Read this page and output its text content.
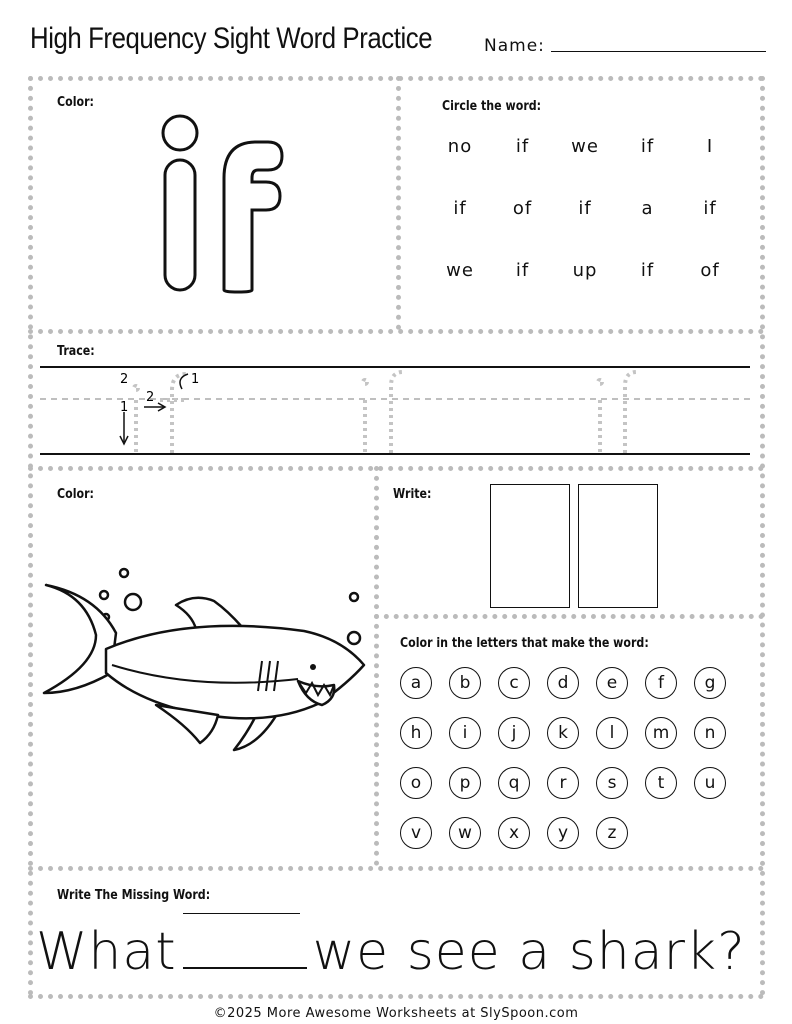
High Frequency Sight Word Practice	Name:
Color:	Circle the word:
no	if	we	if	I
if	of	if	a	if
we	if	up	if	of
Trace:
2
1
2
1
Color:	Write:
Color in the letters that make the word:
a	b	c	d	e	f	g
h	i	j	k	l	m	n
o	p	q	r	s	t	u
v	w	x	y	z
Write The Missing Word:
What	we see a shark?
©2025 More Awesome Worksheets at SlySpoon.com
